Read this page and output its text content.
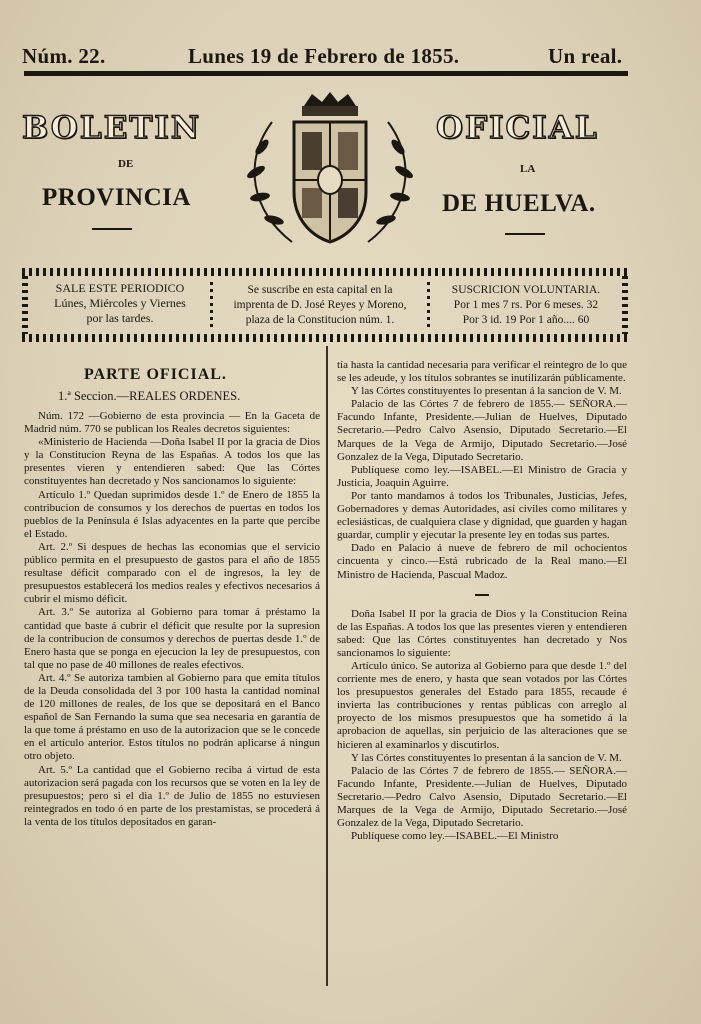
Núm. 22.	Lunes 19 de Febrero de 1855.	Un real.
BOLETIN	OFICIAL
DE	LA
PROVINCIA	DE HUELVA.
SALE ESTE PERIODICO
Lúnes, Miércoles y Viernes
por las tardes.
Se suscribe en esta capital en la
imprenta de D. José Reyes y Moreno,
plaza de la Constitucion núm. 1.
SUSCRICION VOLUNTARIA.
Por 1 mes 7 rs. Por 6 meses. 32
Por 3 id. 19 Por 1 año.... 60
PARTE OFICIAL.
1.ª Seccion.—REALES ORDENES.

Núm. 172 —Gobierno de esta provincia — En la Gaceta de Madrid núm. 770 se publican los Reales decretos siguientes:

«Ministerio de Hacienda —Doña Isabel II por la gracia de Dios y la Constitucion Reyna de las Españas. A todos los que las presentes vieren y entendieren sabed: Que las Córtes constituyentes han decretado y Nos sancionamos lo siguiente:

Artículo 1.º Quedan suprimidos desde 1.º de Enero de 1855 la contribucion de consumos y los derechos de puertas en todos los pueblos de la Península é Islas adyacentes en la parte que percibe el Estado.

Art. 2.º Si despues de hechas las economias que el servicio público permita en el presupuesto de gastos para el año de 1855 resultase déficit comparado con el de ingresos, la ley de presupuestos establecerá los medios reales y efectivos necesarios á cubrir el mismo déficit.

Art. 3.º Se autoriza al Gobierno para tomar á préstamo la cantidad que baste á cubrir el déficit que resulte por la supresion de la contribucion de consumos y derechos de puertas desde 1.º de Enero hasta que se ponga en ejecucion la ley de presupuestos, con tal que no pase de 40 millones de reales efectivos.

Art. 4.º Se autoriza tambien al Gobierno para que emita títulos de la Deuda consolidada del 3 por 100 hasta la cantidad nominal de 120 millones de reales, de los que se depositará en el Banco español de San Fernando la suma que sea necesaria en garantía de la que tome á préstamo en uso de la autorizacion que se le concede en el artículo anterior. Estos títulos no podrán aplicarse á ningun otro objeto.

Art. 5.º La cantidad que el Gobierno reciba á virtud de esta autorizacion será pagada con los recursos que se voten en la ley de presupuestos; pero si el dia 1.º de Julio de 1855 no estuviesen reintegrados en todo ó en parte de los prestamistas, se procederá á la venta de los títulos depositados en garan-

tía hasta la cantidad necesaria para verificar el reintegro de lo que se les adeude, y los títulos sobrantes se inutilizarán públicamente.

Y las Córtes constituyentes lo presentan á la sancion de V. M.

Palacio de las Córtes 7 de febrero de 1855.— SEÑORA.—Facundo Infante, Presidente.—Julian de Huelves, Diputado Secretario.—Pedro Calvo Asensio, Diputado Secretario.—El Marques de la Vega de Armijo, Diputado Secretario.—José Gonzalez de la Vega, Diputado Secretario.

Publíquese como ley.—ISABEL.—El Ministro de Gracia y Justicia, Joaquin Aguirre.

Por tanto mandamos á todos los Tribunales, Justicias, Jefes, Gobernadores y demas Autoridades, así civiles como militares y eclesiásticas, de cualquiera clase y dignidad, que guarden y hagan guardar, cumplir y ejecutar la presente ley en todas sus partes.

Dado en Palacio á nueve de febrero de mil ochocientos cincuenta y cinco.—Está rubricado de la Real mano.—El Ministro de Hacienda, Pascual Madoz.

Doña Isabel II por la gracia de Dios y la Constitucion Reina de las Españas. A todos los que las presentes vieren y entendieren sabed: Que las Córtes constituyentes han decretado y Nos sancionamos lo siguiente:

Artículo único. Se autoriza al Gobierno para que desde 1.º del corriente mes de enero, y hasta que sean votados por las Córtes los presupuestos generales del Estado para 1855, recaude é invierta las contribuciones y rentas públicas con arreglo al proyecto de los mismos presupuestos que ha sometido á la aprobacion de aquellas, sin perjuicio de las alteraciones que se hicieren al examinarlos y discutirlos.

Y las Córtes constituyentes lo presentan á la sancion de V. M.

Palacio de las Córtes 7 de febrero de 1855.— SEÑORA.—Facundo Infante, Presidente.—Julian de Huelves, Diputado Secretario.—Pedro Calvo Asensio, Diputado Secretario.—El Marques de la Vega de Armijo, Diputado Secretario.—José Gonzalez de la Vega, Diputado Secretario.

Publíquese como ley.—ISABEL.—El Ministro
